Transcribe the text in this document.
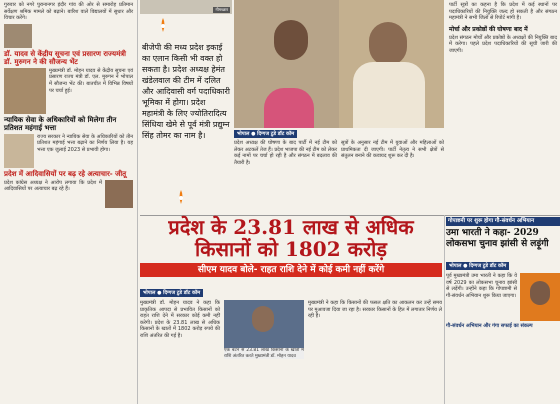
गुरुवार को नगरे पुरानानगर इंदौर गांव की ओर से समारोह प्रतिमान सर्वेक्षण श्रमिक मामले को बढ़ाने। बारिश वाले विद्यालयों में सुधार और विचार करेंगे।

डॉ. यादव से केंद्रीय सूचना एवं प्रसारण राज्यमंत्री डॉ. मुरुगन ने की सौजन्य भेंट

मुख्यमंत्री डॉ. मोहन यादव से केंद्रीय सूचना एवं प्रसारण राज्य मंत्री डॉ. एल. मुरुगन ने भोपाल में सौजन्य भेंट की। बातचीत में विभिन्न विषयों पर चर्चा हुई।

न्यायिक सेवा के अधिकारियों को मिलेगा तीन प्रतिशत महंगाई भत्ता

राज्य सरकार ने न्यायिक सेवा के अधिकारियों को तीन प्रतिशत महंगाई भत्ता बढ़ाने का निर्णय लिया है। यह भत्ता एक जुलाई 2023 से प्रभावी होगा।

प्रदेश में आदिवासियों पर बढ़ रहे अत्याचार- जीतू

प्रदेश कांग्रेस अध्यक्ष ने आरोप लगाया कि प्रदेश में आदिवासियों पर अत्याचार बढ़ रहे हैं।

नीमच्छार
बीजेपी की मध्य प्रदेश इकाई का एलान किसी भी वक्त हो सकता है। प्रदेश अध्यक्ष हेमंत खंडेलवाल की टीम में दलित और आदिवासी वर्ग पदाधिकारी भूमिका में होगा। प्रदेश महामंत्री के लिए ज्योतिरादित्य सिंधिया खेमे से पूर्व मंत्री प्रद्युम्न सिंह तोमर का नाम है।	भोपाल ● दिग्गज टुडे डॉट कॉम

प्रदेश अध्यक्ष की घोषणा के बाद पार्टी में नई टीम को लेकर अटकलें तेज हैं। प्रदेश भाजपा की नई टीम को लेकर कई नामों पर चर्चा हो रही है और संगठन में बदलाव की तैयारी है।

सूत्रों के अनुसार नई टीम में युवाओं और महिलाओं को प्राथमिकता दी जाएगी। पार्टी नेतृत्व ने सभी क्षेत्रों से संतुलन बनाने की कवायद शुरू कर दी है।

पार्टी सूत्रों का कहना है कि प्रदेश में कई स्थानों पर पदाधिकारियों की नियुक्ति जल्द हो सकती है और संगठन महामंत्री ने सभी जिलों से रिपोर्ट मांगी है।

मोर्चा और प्रकोष्ठों की घोषणा बाद में

प्रदेश संगठन मोर्चों और प्रकोष्ठों के अध्यक्षों की नियुक्ति बाद में करेगा। पहले प्रदेश पदाधिकारियों की सूची जारी की जाएगी।

प्रदेश के 23.81 लाख से अधिक किसानों को 1802 करोड़
सीएम यादव बोले- राहत राशि देने में कोई कमी नहीं करेंगे
भोपाल ● दिग्गज टुडे डॉट कॉम

मुख्यमंत्री डॉ. मोहन यादव ने कहा कि प्राकृतिक आपदा से प्रभावित किसानों को राहत राशि देने में सरकार कोई कमी नहीं करेगी। प्रदेश के 23.81 लाख से अधिक किसानों के खातों में 1802 करोड़ रुपये की राशि अंतरित की गई है।

एक बटन से 23.81 लाख किसानों के खातों में राशि अंतरित करते मुख्यमंत्री डॉ. मोहन यादव

मुख्यमंत्री ने कहा कि किसानों की फसल क्षति का आकलन कर उन्हें समय पर मुआवजा दिया जा रहा है। सरकार किसानों के हित में लगातार निर्णय ले रही है।

गोपाष्टमी पर शुरू होगा गौ-संवर्धन अभियान
उमा भारती ने कहा- 2029 लोकसभा चुनाव झांसी से लड़ूंगी
भोपाल ● दिग्गज टुडे डॉट कॉम

पूर्व मुख्यमंत्री उमा भारती ने कहा कि वे वर्ष 2029 का लोकसभा चुनाव झांसी से लड़ेंगी। उन्होंने कहा कि गोपाष्टमी से गौ-संवर्धन अभियान शुरू किया जाएगा।

गौ-संवर्धन अभियान और गंगा सफाई का संकल्प
